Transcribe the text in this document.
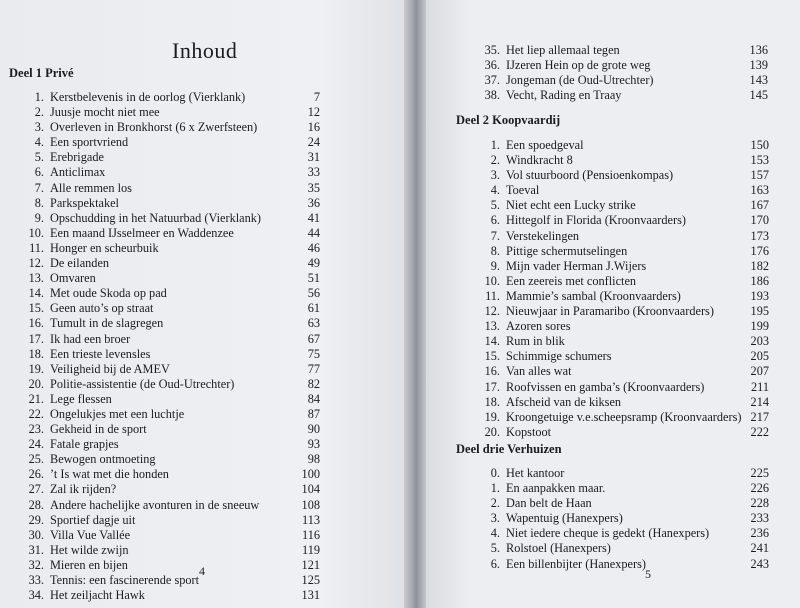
Inhoud
Deel 1 Privé
1. Kerstbelevenis in de oorlog (Vierklank)	7
2. Juusje mocht niet mee	12
3. Overleven in Bronkhorst (6 x Zwerfsteen)	16
4. Een sportvriend	24
5. Erebrigade	31
6. Anticlimax	33
7. Alle remmen los	35
8. Parkspektakel	36
9. Opschudding in het Natuurbad (Vierklank)	41
10. Een maand IJsselmeer en Waddenzee	44
11. Honger en scheurbuik	46
12. De eilanden	49
13. Omvaren	51
14. Met oude Skoda op pad	56
15. Geen auto’s op straat	61
16. Tumult in de slagregen	63
17. Ik had een broer	67
18. Een trieste levensles	75
19. Veiligheid bij de AMEV	77
20. Politie-assistentie (de Oud-Utrechter)	82
21. Lege flessen	84
22. Ongelukjes met een luchtje	87
23. Gekheid in de sport	90
24. Fatale grapjes	93
25. Bewogen ontmoeting	98
26. ’t Is wat met die honden	100
27. Zal ik rijden?	104
28. Andere hachelijke avonturen in de sneeuw	108
29. Sportief dagje uit	113
30. Villa Vue Vallée	116
31. Het wilde zwijn	119
32. Mieren en bijen	121
33. Tennis: een fascinerende sport	125
34. Het zeiljacht Hawk	131
4
35. Het liep allemaal tegen	136
36. IJzeren Hein op de grote weg	139
37. Jongeman (de Oud-Utrechter)	143
38. Vecht, Rading en Traay	145
Deel 2 Koopvaardij
1. Een spoedgeval	150
2. Windkracht 8	153
3. Vol stuurboord (Pensioenkompas)	157
4. Toeval	163
5. Niet echt een Lucky strike	167
6. Hittegolf in Florida (Kroonvaarders)	170
7. Verstekelingen	173
8. Pittige schermutselingen	176
9. Mijn vader Herman J.Wijers	182
10. Een zeereis met conflicten	186
11. Mammie’s sambal (Kroonvaarders)	193
12. Nieuwjaar in Paramaribo (Kroonvaarders)	195
13. Azoren sores	199
14. Rum in blik	203
15. Schimmige schumers	205
16. Van alles wat	207
17. Roofvissen en gamba’s (Kroonvaarders)	211
18. Afscheid van de kiksen	214
19. Kroongetuige v.e.scheepsramp (Kroonvaarders) 217
20. Kopstoot	222
Deel drie Verhuizen
0. Het kantoor	225
1. En aanpakken maar.	226
2. Dan belt de Haan	228
3. Wapentuig (Hanexpers)	233
4. Niet iedere cheque is gedekt (Hanexpers)	236
5. Rolstoel (Hanexpers)	241
6. Een billenbijter (Hanexpers)	243
5
